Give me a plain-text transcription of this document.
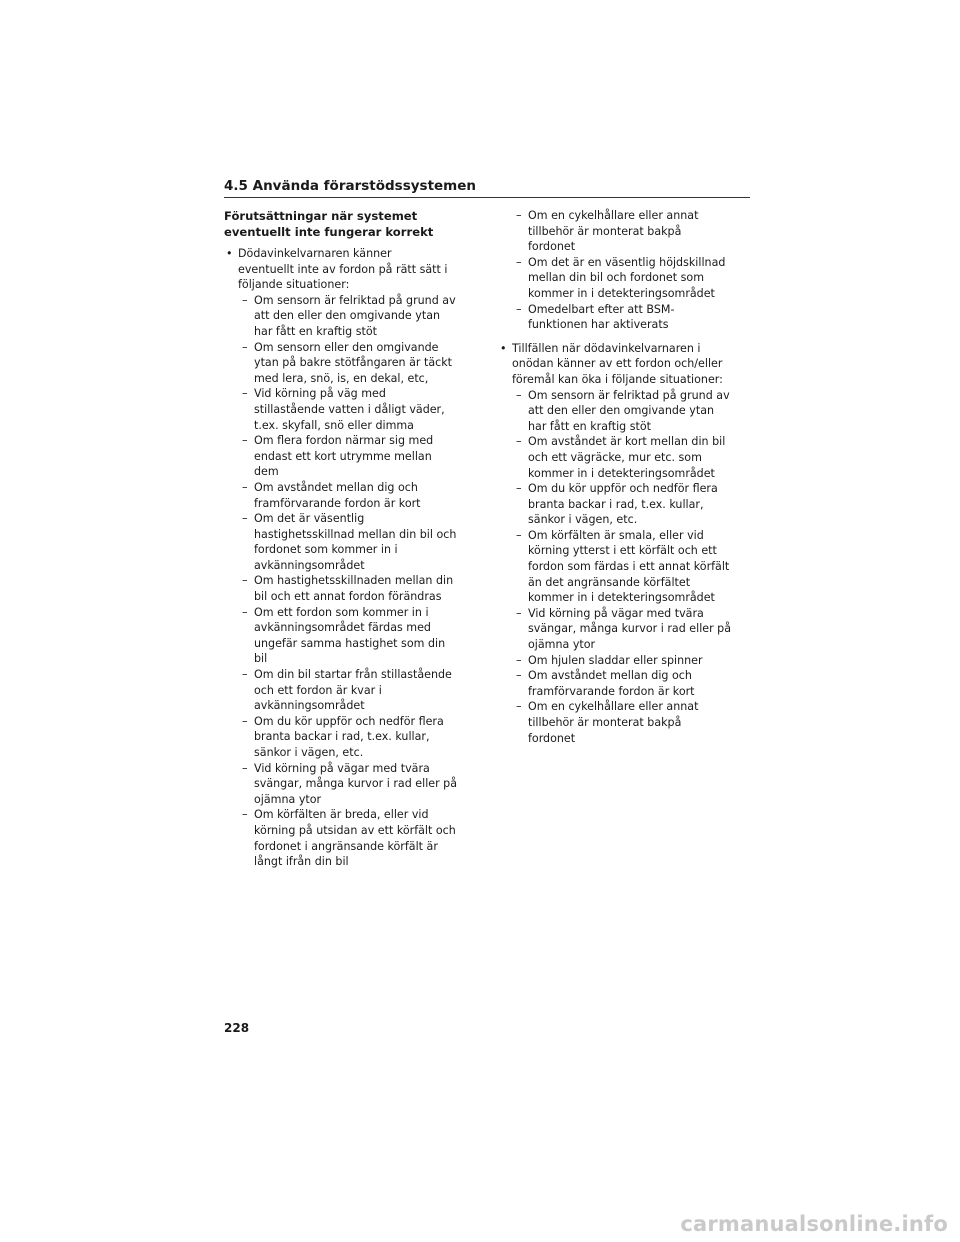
4.5 Använda förarstödssystemen
Förutsättningar när systemet
eventuellt inte fungerar korrekt
• Dödavinkelvarnaren känner
eventuellt inte av fordon på rätt sätt i
följande situationer:
– Om sensorn är felriktad på grund av
att den eller den omgivande ytan
har fått en kraftig stöt
– Om sensorn eller den omgivande
ytan på bakre stötfångaren är täckt
med lera, snö, is, en dekal, etc,
– Vid körning på väg med
stillastående vatten i dåligt väder,
t.ex. skyfall, snö eller dimma
– Om flera fordon närmar sig med
endast ett kort utrymme mellan
dem
– Om avståndet mellan dig och
framförvarande fordon är kort
– Om det är väsentlig
hastighetsskillnad mellan din bil och
fordonet som kommer in i
avkänningsområdet
– Om hastighetsskillnaden mellan din
bil och ett annat fordon förändras
– Om ett fordon som kommer in i
avkänningsområdet färdas med
ungefär samma hastighet som din
bil
– Om din bil startar från stillastående
och ett fordon är kvar i
avkänningsområdet
– Om du kör uppför och nedför flera
branta backar i rad, t.ex. kullar,
sänkor i vägen, etc.
– Vid körning på vägar med tvära
svängar, många kurvor i rad eller på
ojämna ytor
– Om körfälten är breda, eller vid
körning på utsidan av ett körfält och
fordonet i angränsande körfält är
långt ifrån din bil
– Om en cykelhållare eller annat
tillbehör är monterat bakpå
fordonet
– Om det är en väsentlig höjdskillnad
mellan din bil och fordonet som
kommer in i detekteringsområdet
– Omedelbart efter att BSM-
funktionen har aktiverats
• Tillfällen när dödavinkelvarnaren i
onödan känner av ett fordon och/eller
föremål kan öka i följande situationer:
– Om sensorn är felriktad på grund av
att den eller den omgivande ytan
har fått en kraftig stöt
– Om avståndet är kort mellan din bil
och ett vägräcke, mur etc. som
kommer in i detekteringsområdet
– Om du kör uppför och nedför flera
branta backar i rad, t.ex. kullar,
sänkor i vägen, etc.
– Om körfälten är smala, eller vid
körning ytterst i ett körfält och ett
fordon som färdas i ett annat körfält
än det angränsande körfältet
kommer in i detekteringsområdet
– Vid körning på vägar med tvära
svängar, många kurvor i rad eller på
ojämna ytor
– Om hjulen sladdar eller spinner
– Om avståndet mellan dig och
framförvarande fordon är kort
– Om en cykelhållare eller annat
tillbehör är monterat bakpå
fordonet
228
carmanualsonline.info
